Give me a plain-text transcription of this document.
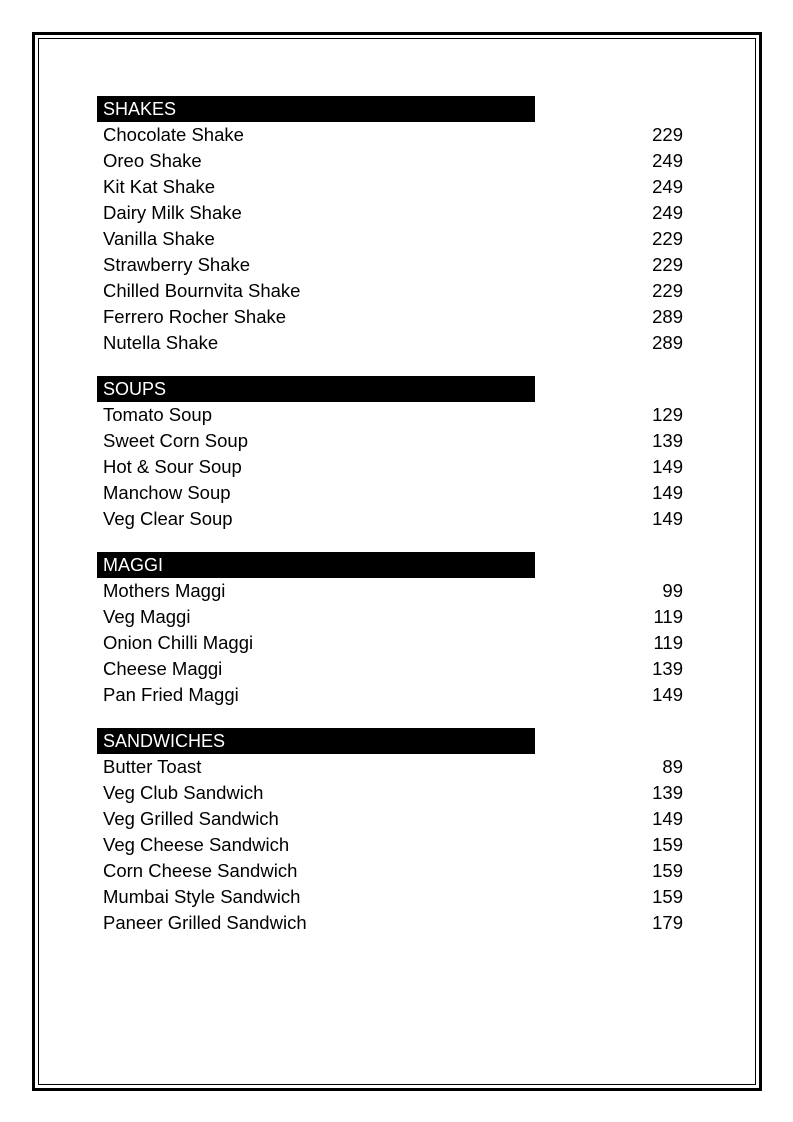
SHAKES
Chocolate Shake	229
Oreo Shake	249
Kit Kat Shake	249
Dairy Milk Shake	249
Vanilla Shake	229
Strawberry Shake	229
Chilled Bournvita Shake	229
Ferrero Rocher Shake	289
Nutella Shake	289
SOUPS
Tomato Soup	129
Sweet Corn Soup	139
Hot & Sour Soup	149
Manchow Soup	149
Veg Clear Soup	149
MAGGI
Mothers Maggi	99
Veg Maggi	119
Onion Chilli Maggi	119
Cheese Maggi	139
Pan Fried Maggi	149
SANDWICHES
Butter Toast	89
Veg Club Sandwich	139
Veg Grilled Sandwich	149
Veg Cheese Sandwich	159
Corn Cheese Sandwich	159
Mumbai Style Sandwich	159
Paneer Grilled Sandwich	179
